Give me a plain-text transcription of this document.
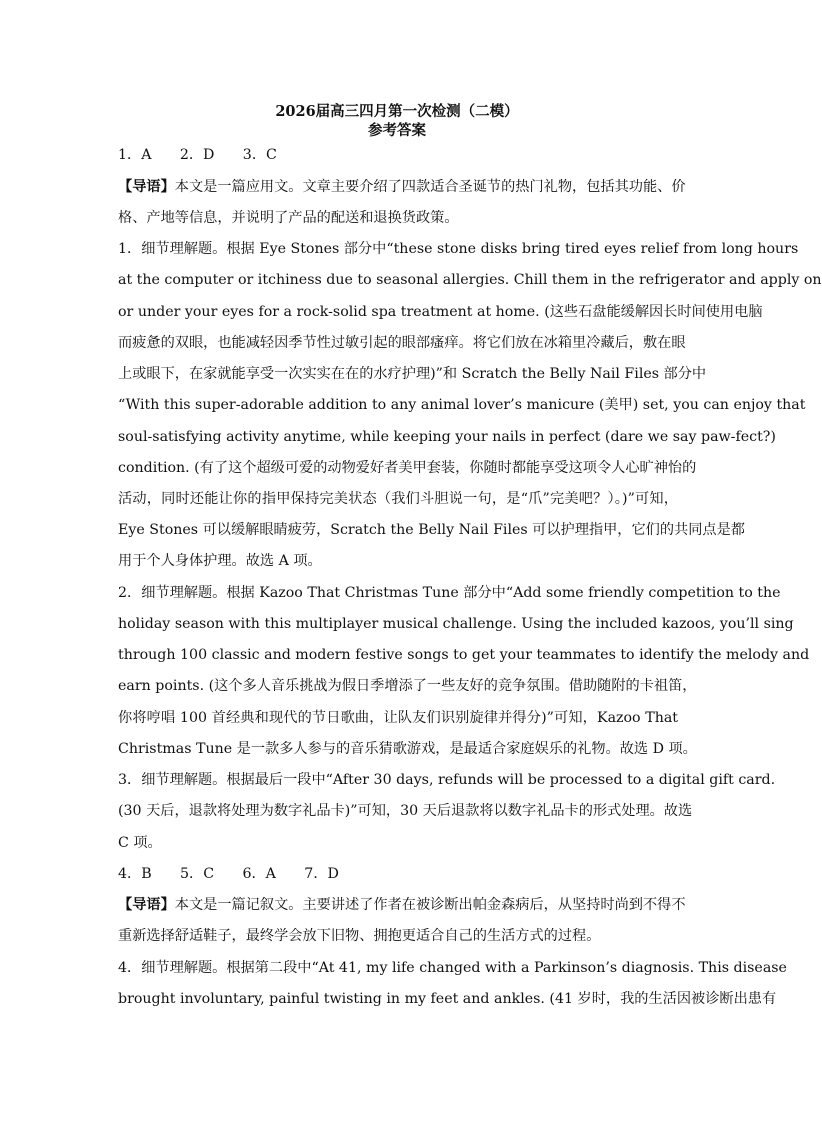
2026届高三四月第一次检测（二模）
参考答案
1．A　　2．D　　3．C
【导语】本文是一篇应用文。文章主要介绍了四款适合圣诞节的热门礼物，包括其功能、价
格、产地等信息，并说明了产品的配送和退换货政策。
1．细节理解题。根据 Eye Stones 部分中“these stone disks bring tired eyes relief from long hours
at the computer or itchiness due to seasonal allergies. Chill them in the refrigerator and apply on
or under your eyes for a rock-solid spa treatment at home. (这些石盘能缓解因长时间使用电脑
而疲惫的双眼，也能减轻因季节性过敏引起的眼部瘙痒。将它们放在冰箱里冷藏后，敷在眼
上或眼下，在家就能享受一次实实在在的水疗护理)”和 Scratch the Belly Nail Files 部分中
“With this super-adorable addition to any animal lover’s manicure (美甲) set, you can enjoy that
soul-satisfying activity anytime, while keeping your nails in perfect (dare we say paw-fect?)
condition. (有了这个超级可爱的动物爱好者美甲套装，你随时都能享受这项令人心旷神怡的
活动，同时还能让你的指甲保持完美状态（我们斗胆说一句，是“爪”完美吧？）。)”可知，
Eye Stones 可以缓解眼睛疲劳，Scratch the Belly Nail Files 可以护理指甲，它们的共同点是都
用于个人身体护理。故选 A 项。
2．细节理解题。根据 Kazoo That Christmas Tune 部分中“Add some friendly competition to the
holiday season with this multiplayer musical challenge. Using the included kazoos, you’ll sing
through 100 classic and modern festive songs to get your teammates to identify the melody and
earn points. (这个多人音乐挑战为假日季增添了一些友好的竞争氛围。借助随附的卡祖笛，
你将哼唱 100 首经典和现代的节日歌曲，让队友们识别旋律并得分)”可知，Kazoo That
Christmas Tune 是一款多人参与的音乐猜歌游戏，是最适合家庭娱乐的礼物。故选 D 项。
3．细节理解题。根据最后一段中“After 30 days, refunds will be processed to a digital gift card.
(30 天后，退款将处理为数字礼品卡)”可知，30 天后退款将以数字礼品卡的形式处理。故选
C 项。
4．B　　5．C　　6．A　　7．D
【导语】本文是一篇记叙文。主要讲述了作者在被诊断出帕金森病后，从坚持时尚到不得不
重新选择舒适鞋子，最终学会放下旧物、拥抱更适合自己的生活方式的过程。
4．细节理解题。根据第二段中“At 41, my life changed with a Parkinson’s diagnosis. This disease
brought involuntary, painful twisting in my feet and ankles. (41 岁时，我的生活因被诊断出患有
